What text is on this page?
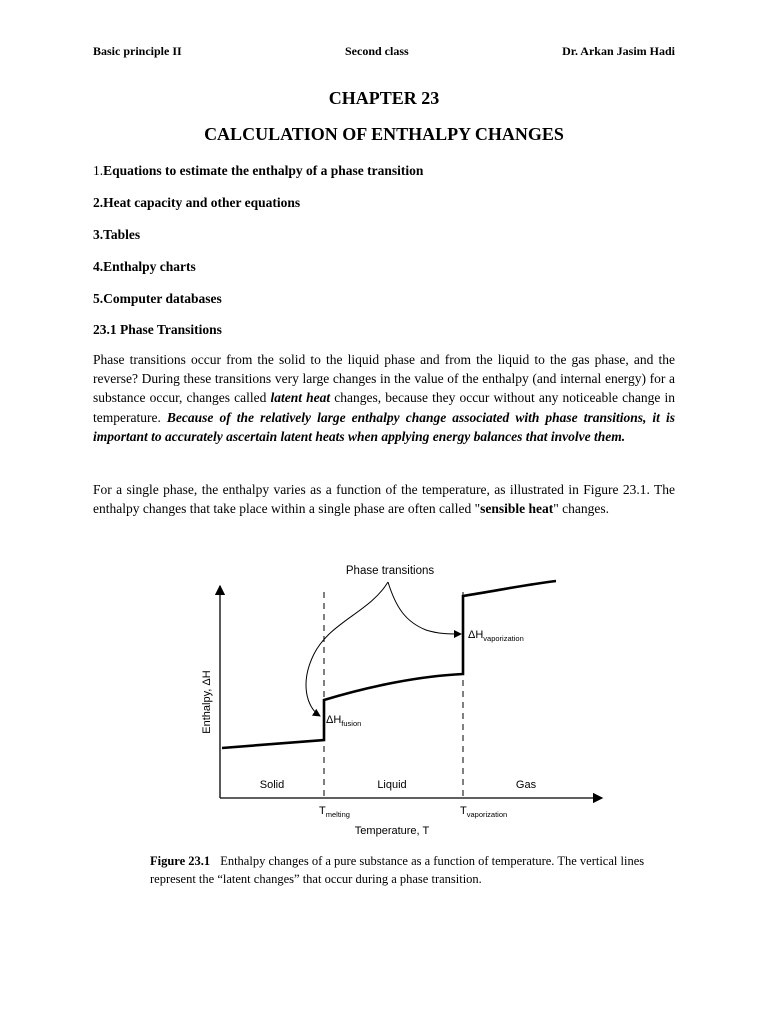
Basic principle II	Second class	Dr. Arkan Jasim Hadi
CHAPTER 23
CALCULATION OF ENTHALPY CHANGES
1.Equations to estimate the enthalpy of a phase transition
2.Heat capacity and other equations
3.Tables
4.Enthalpy charts
5.Computer databases
23.1 Phase Transitions
Phase transitions occur from the solid to the liquid phase and from the liquid to the gas phase, and the reverse? During these transitions very large changes in the value of the enthalpy (and internal energy) for a substance occur, changes called latent heat changes, because they occur without any noticeable change in temperature. Because of the relatively large enthalpy change associated with phase transitions, it is important to accurately ascertain latent heats when applying energy balances that involve them.
For a single phase, the enthalpy varies as a function of the temperature, as illustrated in Figure 23.1. The enthalpy changes that take place within a single phase are often called "sensible heat" changes.
Phase transitions
$\Delta H_{vaporization}$
$\Delta H_{fusion}$
Enthalpy, ΔH
Solid	Liquid	Gas
$T_{melting}$	$T_{vaporization}$
Temperature, T
Figure 23.1 Enthalpy changes of a pure substance as a function of temperature. The vertical lines represent the “latent changes” that occur during a phase transition.
